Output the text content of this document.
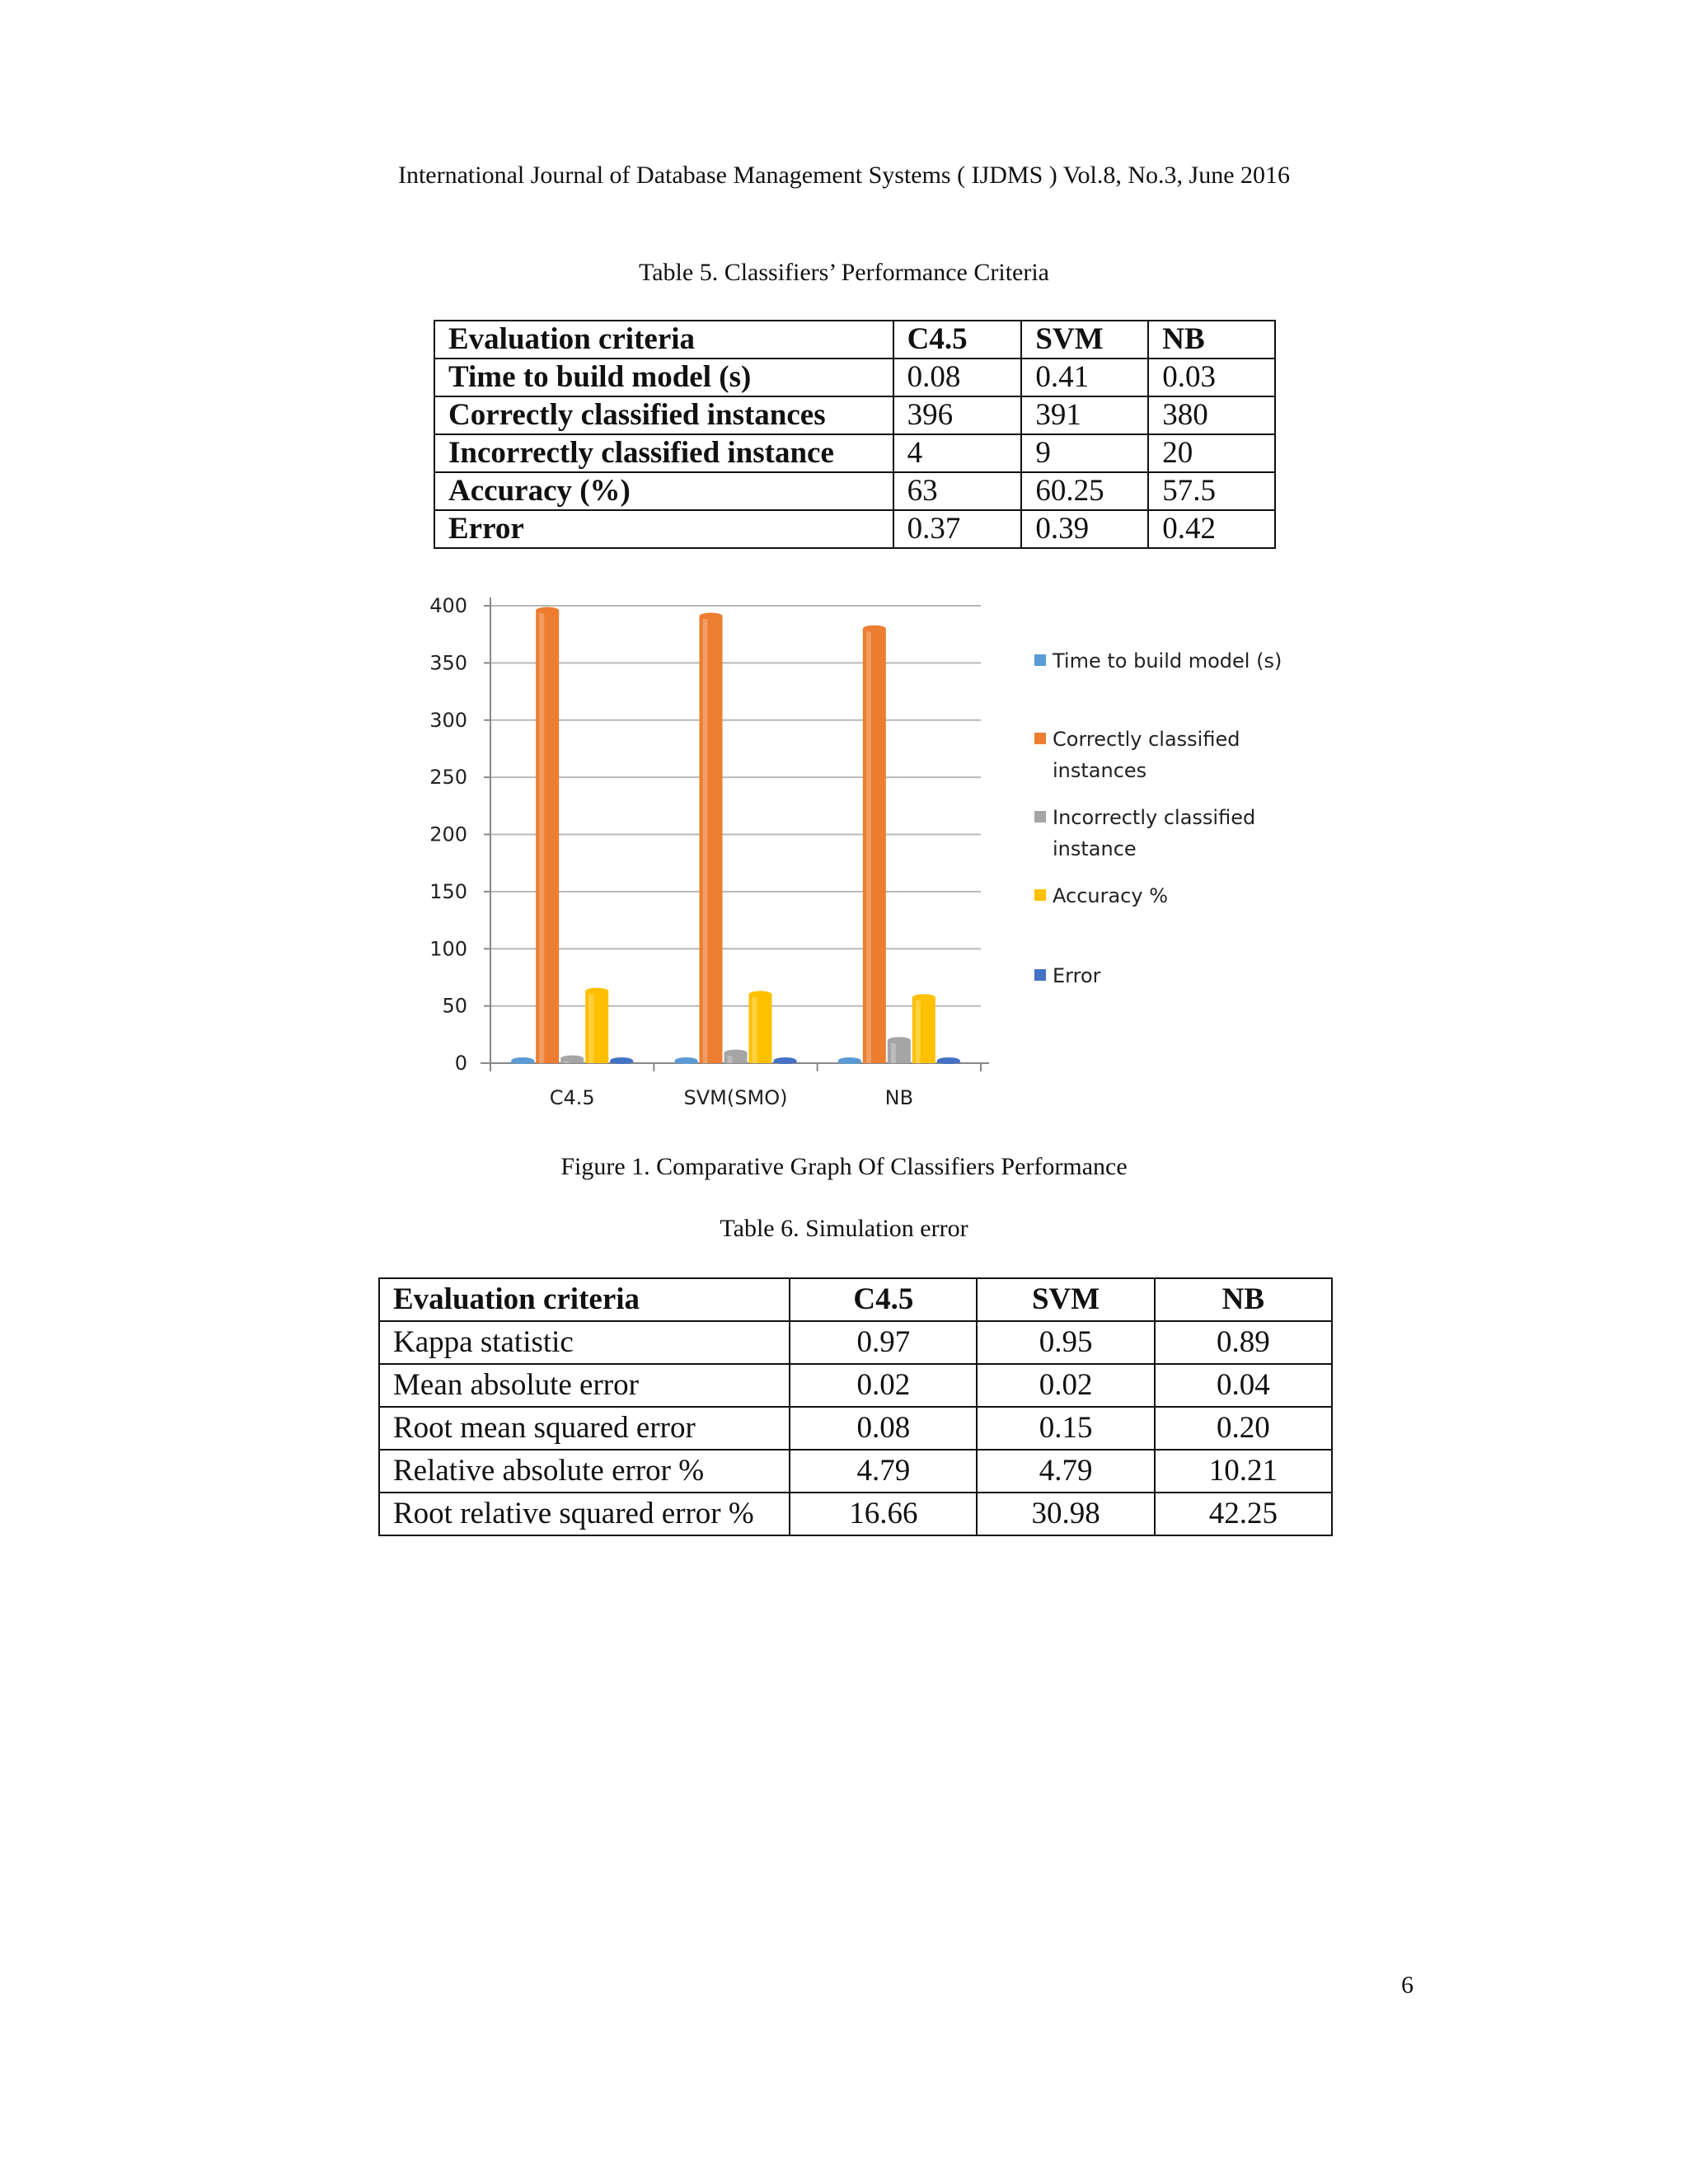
International Journal of Database Management Systems ( IJDMS ) Vol.8, No.3, June 2016
Table 5. Classifiers’ Performance Criteria
Evaluation criteria	C4.5	SVM	NB
Time to build model (s)	0.08	0.41	0.03
Correctly classified instances	396	391	380
Incorrectly classified instance	4	9	20
Accuracy (%)	63	60.25	57.5
Error	0.37	0.39	0.42
0
50
100
150
200
250
300
350
400
C4.5	SVM(SMO)	NB
Time to build model (s)
Correctly classified instances
Incorrectly classified instance
Accuracy %
Error
Figure 1. Comparative Graph Of Classifiers Performance
Table 6. Simulation error
Evaluation criteria	C4.5	SVM	NB
Kappa statistic	0.97	0.95	0.89
Mean absolute error	0.02	0.02	0.04
Root mean squared error	0.08	0.15	0.20
Relative absolute error %	4.79	4.79	10.21
Root relative squared error %	16.66	30.98	42.25
6
